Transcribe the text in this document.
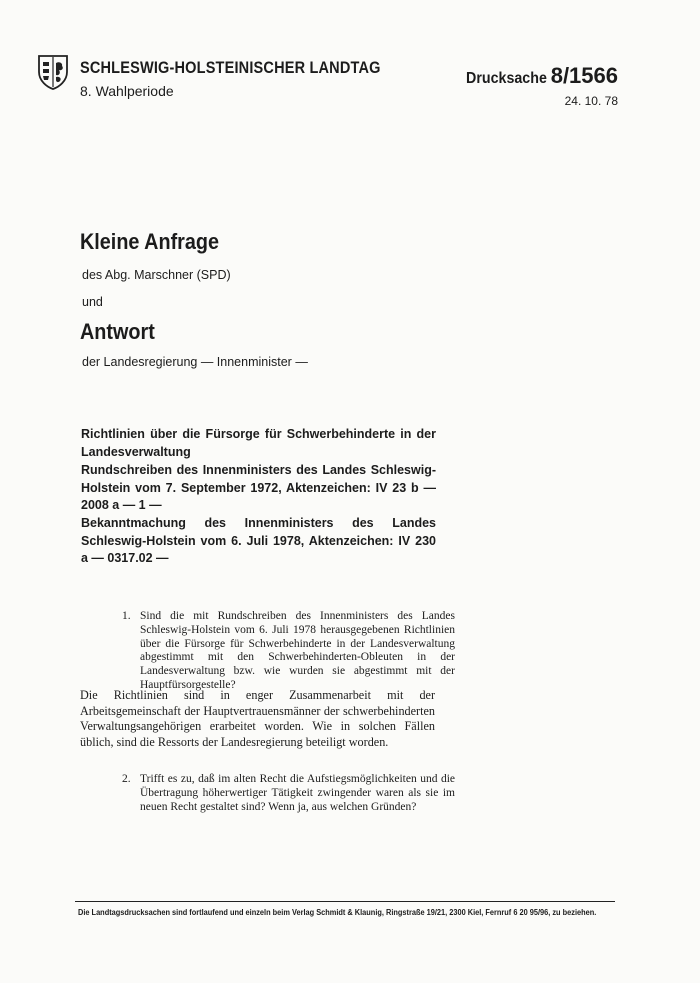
SCHLESWIG-HOLSTEINISCHER LANDTAG
8. Wahlperiode
Drucksache 8/1566
24. 10. 78
Kleine Anfrage
des Abg. Marschner (SPD)
und
Antwort
der Landesregierung — Innenminister —

Richtlinien über die Fürsorge für Schwerbehinderte in der Landesverwaltung

Rundschreiben des Innenministers des Landes Schleswig-Holstein vom 7. September 1972, Aktenzeichen: IV 23 b — 2008 a — 1 —

Bekanntmachung des Innenministers des Landes Schleswig-Holstein vom 6. Juli 1978, Aktenzeichen: IV 230 a — 0317.02 —

1. Sind die mit Rundschreiben des Innenministers des Landes Schleswig-Holstein vom 6. Juli 1978 herausgegebenen Richtlinien über die Fürsorge für Schwerbehinderte in der Landesverwaltung abgestimmt mit den Schwerbehinderten-Obleuten in der Landesverwaltung bzw. wie wurden sie abgestimmt mit der Hauptfürsorgestelle?

Die Richtlinien sind in enger Zusammenarbeit mit der Arbeitsgemeinschaft der Hauptvertrauensmänner der schwerbehinderten Verwaltungsangehörigen erarbeitet worden. Wie in solchen Fällen üblich, sind die Ressorts der Landesregierung beteiligt worden.

2. Trifft es zu, daß im alten Recht die Aufstiegsmöglichkeiten und die Übertragung höherwertiger Tätigkeit zwingender waren als sie im neuen Recht gestaltet sind? Wenn ja, aus welchen Gründen?
Die Landtagsdrucksachen sind fortlaufend und einzeln beim Verlag Schmidt & Klaunig, Ringstraße 19/21, 2300 Kiel, Fernruf 6 20 95/96, zu beziehen.
